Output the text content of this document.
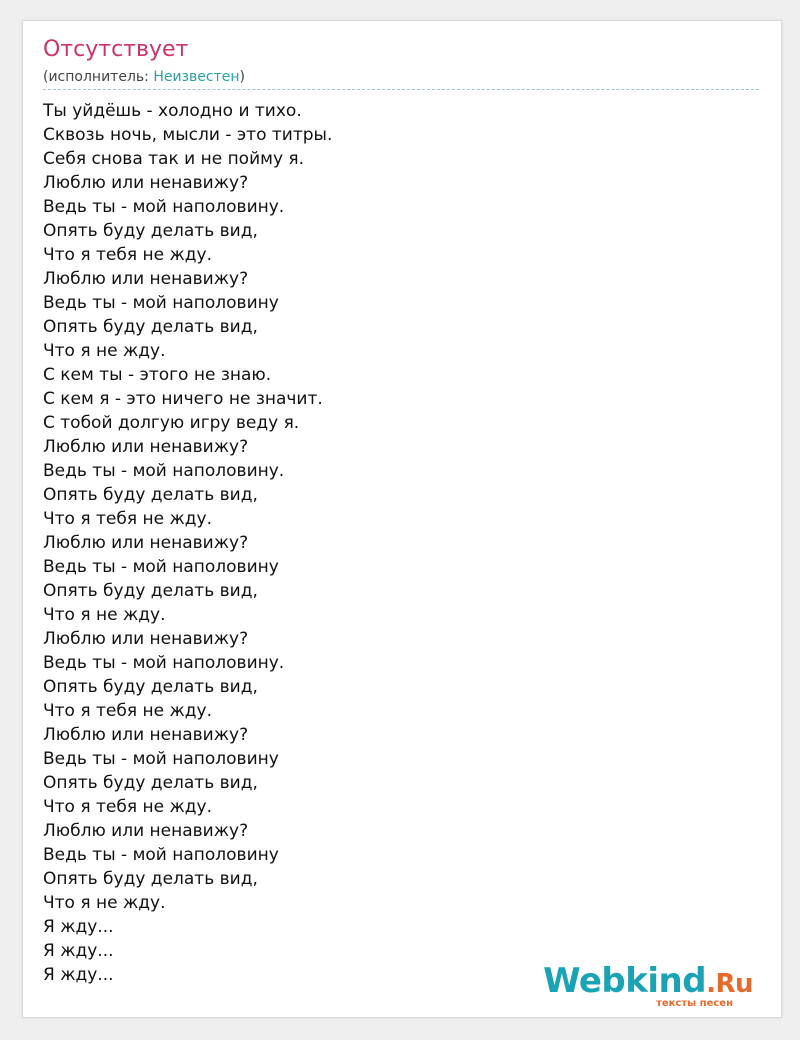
Отсутствует
(исполнитель: Неизвестен)
Ты уйдёшь - холодно и тихо.
Сквозь ночь, мысли - это титры.
Себя снова так и не пойму я.
Люблю или ненавижу?
Ведь ты - мой наполовину.
Опять буду делать вид,
Что я тебя не жду.
Люблю или ненавижу?
Ведь ты - мой наполовину
Опять буду делать вид,
Что я не жду.
С кем ты - этого не знаю.
С кем я - это ничего не значит.
С тобой долгую игру веду я.
Люблю или ненавижу?
Ведь ты - мой наполовину.
Опять буду делать вид,
Что я тебя не жду.
Люблю или ненавижу?
Ведь ты - мой наполовину
Опять буду делать вид,
Что я не жду.
Люблю или ненавижу?
Ведь ты - мой наполовину.
Опять буду делать вид,
Что я тебя не жду.
Люблю или ненавижу?
Ведь ты - мой наполовину
Опять буду делать вид,
Что я тебя не жду.
Люблю или ненавижу?
Ведь ты - мой наполовину
Опять буду делать вид,
Что я не жду.
Я жду...
Я жду...
Я жду...	Webkind.Ru
тексты песен
